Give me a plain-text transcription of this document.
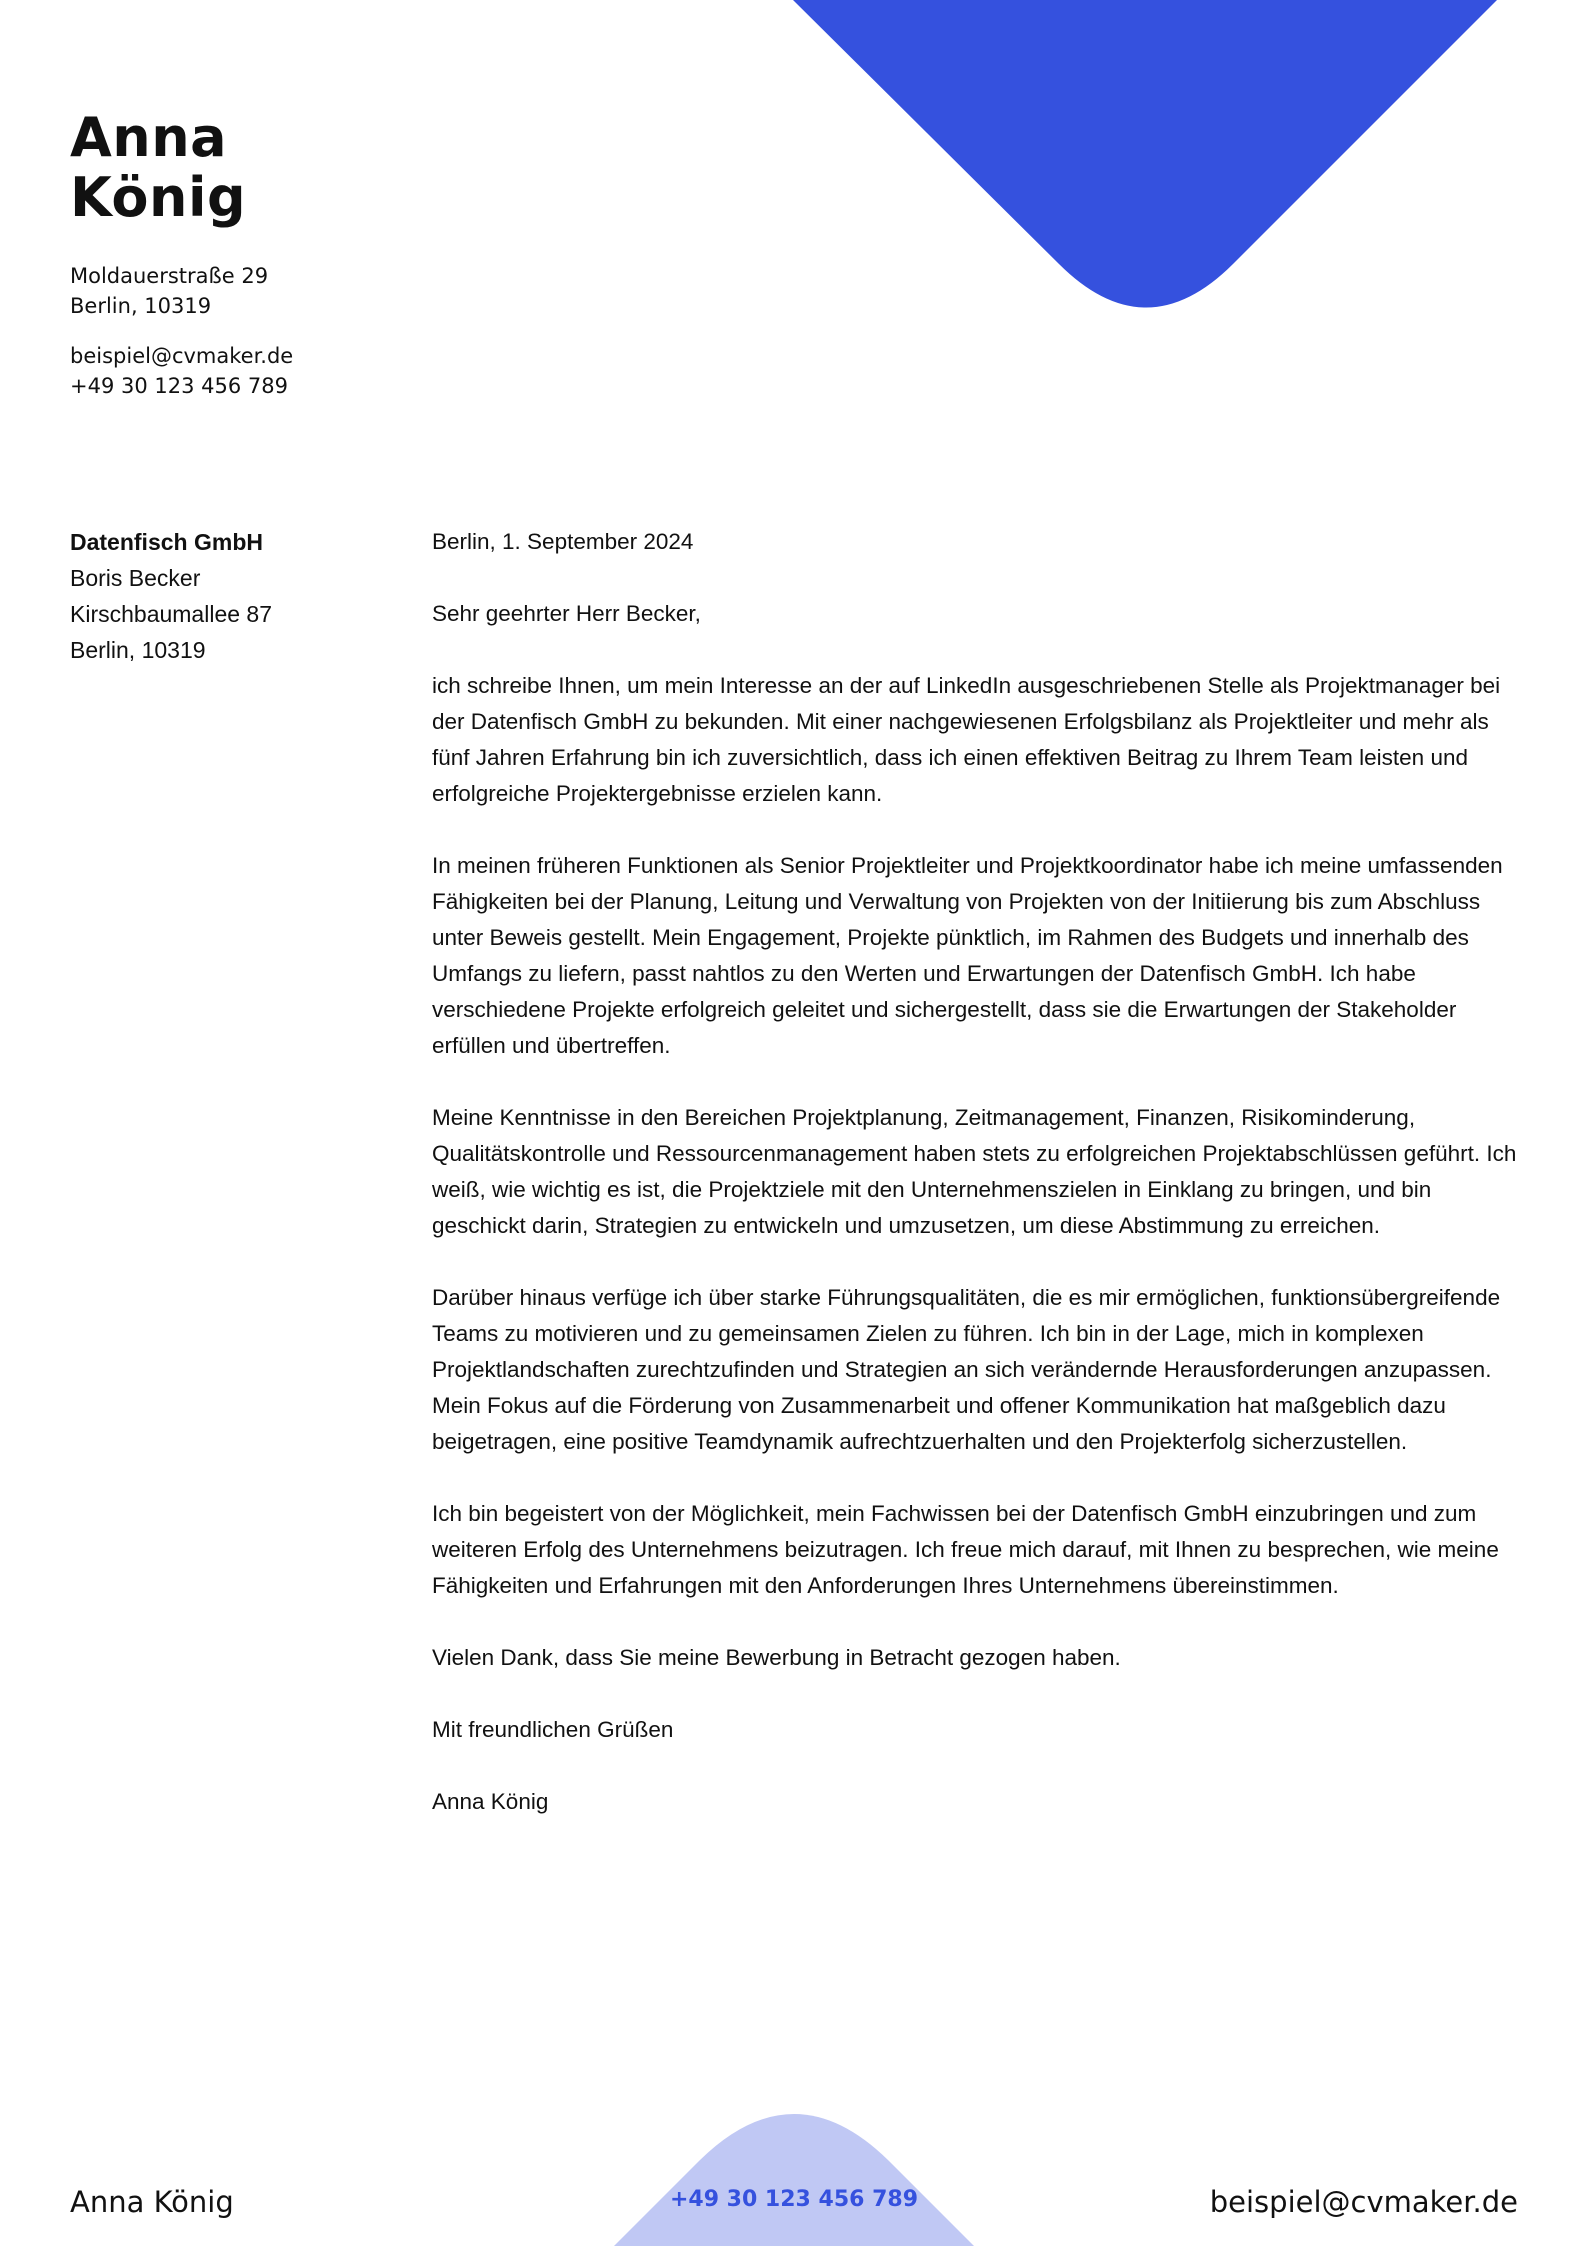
Anna
König
Moldauerstraße 29
Berlin, 10319
beispiel@cvmaker.de
+49 30 123 456 789
Datenfisch GmbH
Boris Becker
Kirschbaumallee 87
Berlin, 10319

Berlin, 1. September 2024

Sehr geehrter Herr Becker,

ich schreibe Ihnen, um mein Interesse an der auf LinkedIn ausgeschriebenen Stelle als Projektmanager bei der Datenfisch GmbH zu bekunden. Mit einer nachgewiesenen Erfolgsbilanz als Projektleiter und mehr als fünf Jahren Erfahrung bin ich zuversichtlich, dass ich einen effektiven Beitrag zu Ihrem Team leisten und erfolgreiche Projektergebnisse erzielen kann.

In meinen früheren Funktionen als Senior Projektleiter und Projektkoordinator habe ich meine umfassenden Fähigkeiten bei der Planung, Leitung und Verwaltung von Projekten von der Initiierung bis zum Abschluss unter Beweis gestellt. Mein Engagement, Projekte pünktlich, im Rahmen des Budgets und innerhalb des Umfangs zu liefern, passt nahtlos zu den Werten und Erwartungen der Datenfisch GmbH. Ich habe verschiedene Projekte erfolgreich geleitet und sichergestellt, dass sie die Erwartungen der Stakeholder erfüllen und übertreffen.

Meine Kenntnisse in den Bereichen Projektplanung, Zeitmanagement, Finanzen, Risikominderung, Qualitätskontrolle und Ressourcenmanagement haben stets zu erfolgreichen Projektabschlüssen geführt. Ich weiß, wie wichtig es ist, die Projektziele mit den Unternehmenszielen in Einklang zu bringen, und bin geschickt darin, Strategien zu entwickeln und umzusetzen, um diese Abstimmung zu erreichen.

Darüber hinaus verfüge ich über starke Führungsqualitäten, die es mir ermöglichen, funktionsübergreifende Teams zu motivieren und zu gemeinsamen Zielen zu führen. Ich bin in der Lage, mich in komplexen Projektlandschaften zurechtzufinden und Strategien an sich verändernde Herausforderungen anzupassen. Mein Fokus auf die Förderung von Zusammenarbeit und offener Kommunikation hat maßgeblich dazu beigetragen, eine positive Teamdynamik aufrechtzuerhalten und den Projekterfolg sicherzustellen.

Ich bin begeistert von der Möglichkeit, mein Fachwissen bei der Datenfisch GmbH einzubringen und zum weiteren Erfolg des Unternehmens beizutragen. Ich freue mich darauf, mit Ihnen zu besprechen, wie meine Fähigkeiten und Erfahrungen mit den Anforderungen Ihres Unternehmens übereinstimmen.

Vielen Dank, dass Sie meine Bewerbung in Betracht gezogen haben.

Mit freundlichen Grüßen

Anna König

Anna König	+49 30 123 456 789	beispiel@cvmaker.de
